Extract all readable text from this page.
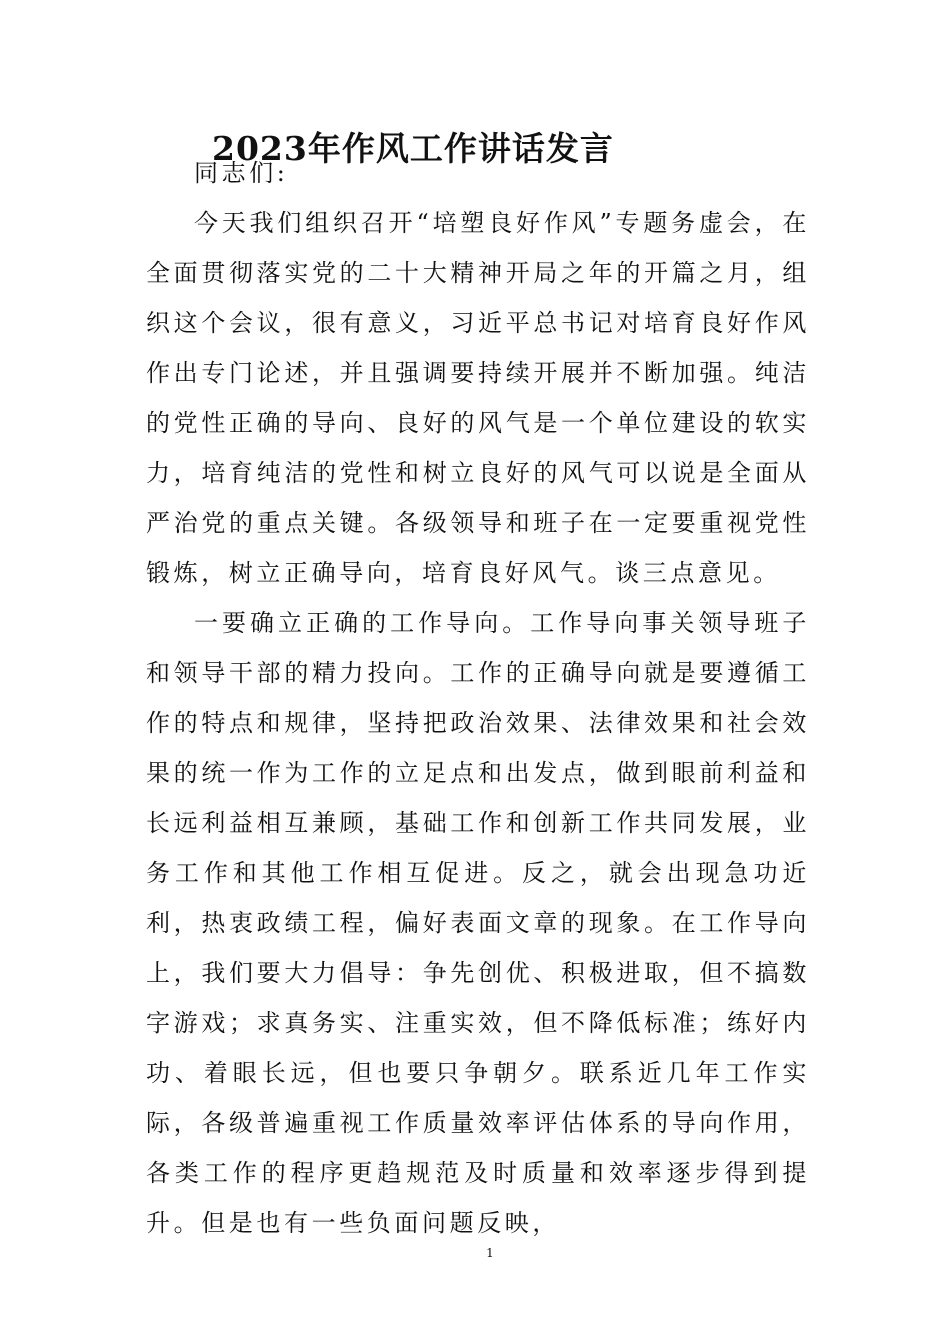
2023年作风工作讲话发言

同志们:

今天我们组织召开“培塑良好作风”专题务虚会，在全面贯彻落实党的二十大精神开局之年的开篇之月，组织这个会议，很有意义，习近平总书记对培育良好作风作出专门论述，并且强调要持续开展并不断加强。纯洁的党性正确的导向、良好的风气是一个单位建设的软实力，培育纯洁的党性和树立良好的风气可以说是全面从严治党的重点关键。各级领导和班子在一定要重视党性锻炼，树立正确导向，培育良好风气。谈三点意见。

一要确立正确的工作导向。工作导向事关领导班子和领导干部的精力投向。工作的正确导向就是要遵循工作的特点和规律，坚持把政治效果、法律效果和社会效果的统一作为工作的立足点和出发点，做到眼前利益和长远利益相互兼顾，基础工作和创新工作共同发展，业务工作和其他工作相互促进。反之，就会出现急功近利，热衷政绩工程，偏好表面文章的现象。在工作导向上，我们要大力倡导：争先创优、积极进取，但不搞数字游戏；求真务实、注重实效，但不降低标准；练好内功、着眼长远，但也要只争朝夕。联系近几年工作实际，各级普遍重视工作质量效率评估体系的导向作用，各类工作的程序更趋规范及时质量和效率逐步得到提升。但是也有一些负面问题反映，

1
